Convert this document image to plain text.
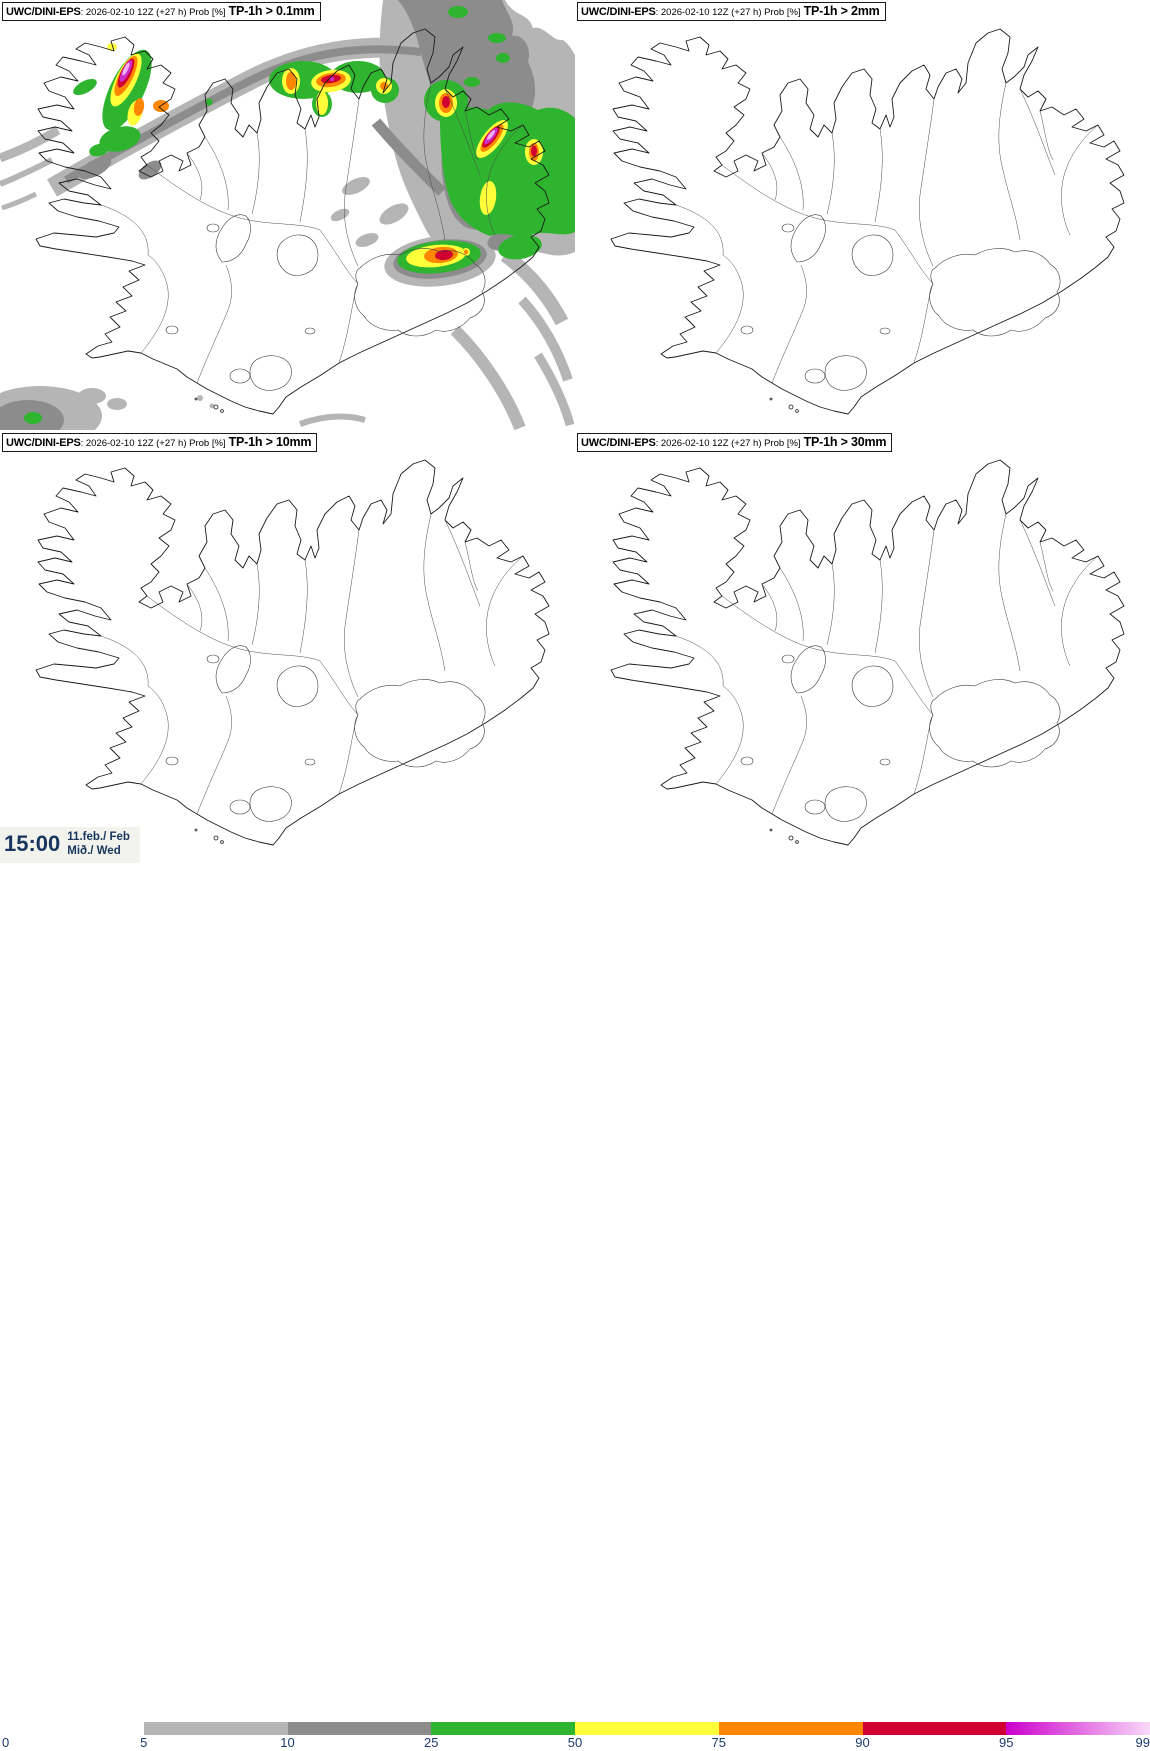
UWC/DINI-EPS : 2026-02-10 12Z (+27 h) Prob [%] TP-1h > 0.1mm	UWC/DINI-EPS : 2026-02-10 12Z (+27 h) Prob [%] TP-1h > 2mm
UWC/DINI-EPS : 2026-02-10 12Z (+27 h) Prob [%] TP-1h > 10mm	UWC/DINI-EPS : 2026-02-10 12Z (+27 h) Prob [%] TP-1h > 30mm
15:00 11.feb./ Feb
Mið./ Wed
0	5	10	25	50	75	90	95	99
